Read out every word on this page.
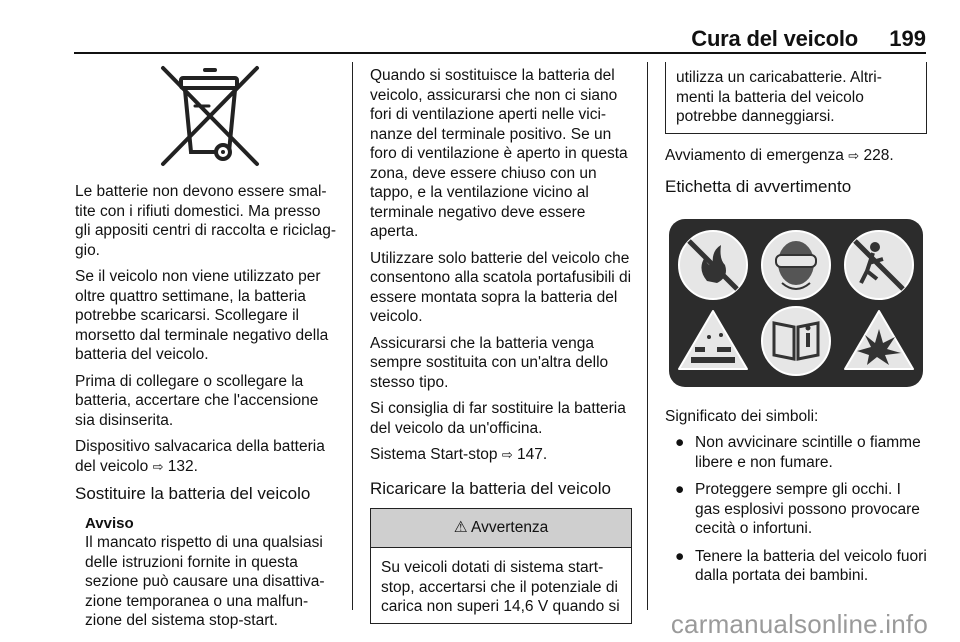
Cura del veicolo 199

Le batterie non devono essere smal-tite con i rifiuti domestici. Ma presso gli appositi centri di raccolta e riciclag-gio.

Se il veicolo non viene utilizzato per oltre quattro settimane, la batteria potrebbe scaricarsi. Scollegare il morsetto dal terminale negativo della batteria del veicolo.

Prima di collegare o scollegare la batteria, accertare che l'accensione sia disinserita.

Dispositivo salvacarica della batteria del veicolo ⇨ 132.

Sostituire la batteria del veicolo
Avviso
Il mancato rispetto di una qualsiasi delle istruzioni fornite in questa sezione può causare una disattiva-zione temporanea o una malfun-zione del sistema stop-start.

Quando si sostituisce la batteria del veicolo, assicurarsi che non ci siano fori di ventilazione aperti nelle vici-nanze del terminale positivo. Se un foro di ventilazione è aperto in questa zona, deve essere chiuso con un tappo, e la ventilazione vicino al terminale negativo deve essere aperta.

Utilizzare solo batterie del veicolo che consentono alla scatola portafusibili di essere montata sopra la batteria del veicolo.

Assicurarsi che la batteria venga sempre sostituita con un'altra dello stesso tipo.

Si consiglia di far sostituire la batteria del veicolo da un'officina.

Sistema Start-stop ⇨ 147.

Ricaricare la batteria del veicolo
⚠ Avvertenza
Su veicoli dotati di sistema start-stop, accertarsi che il potenziale di carica non superi 14,6 V quando si
utilizza un caricabatterie. Altri-menti la batteria del veicolo potrebbe danneggiarsi.

Avviamento di emergenza ⇨ 228.

Etichetta di avvertimento

Significato dei simboli:

● Non avvicinare scintille o fiamme libere e non fumare.
● Proteggere sempre gli occhi. I gas esplosivi possono provocare cecità o infortuni.
● Tenere la batteria del veicolo fuori dalla portata dei bambini.
carmanualsonline.info
